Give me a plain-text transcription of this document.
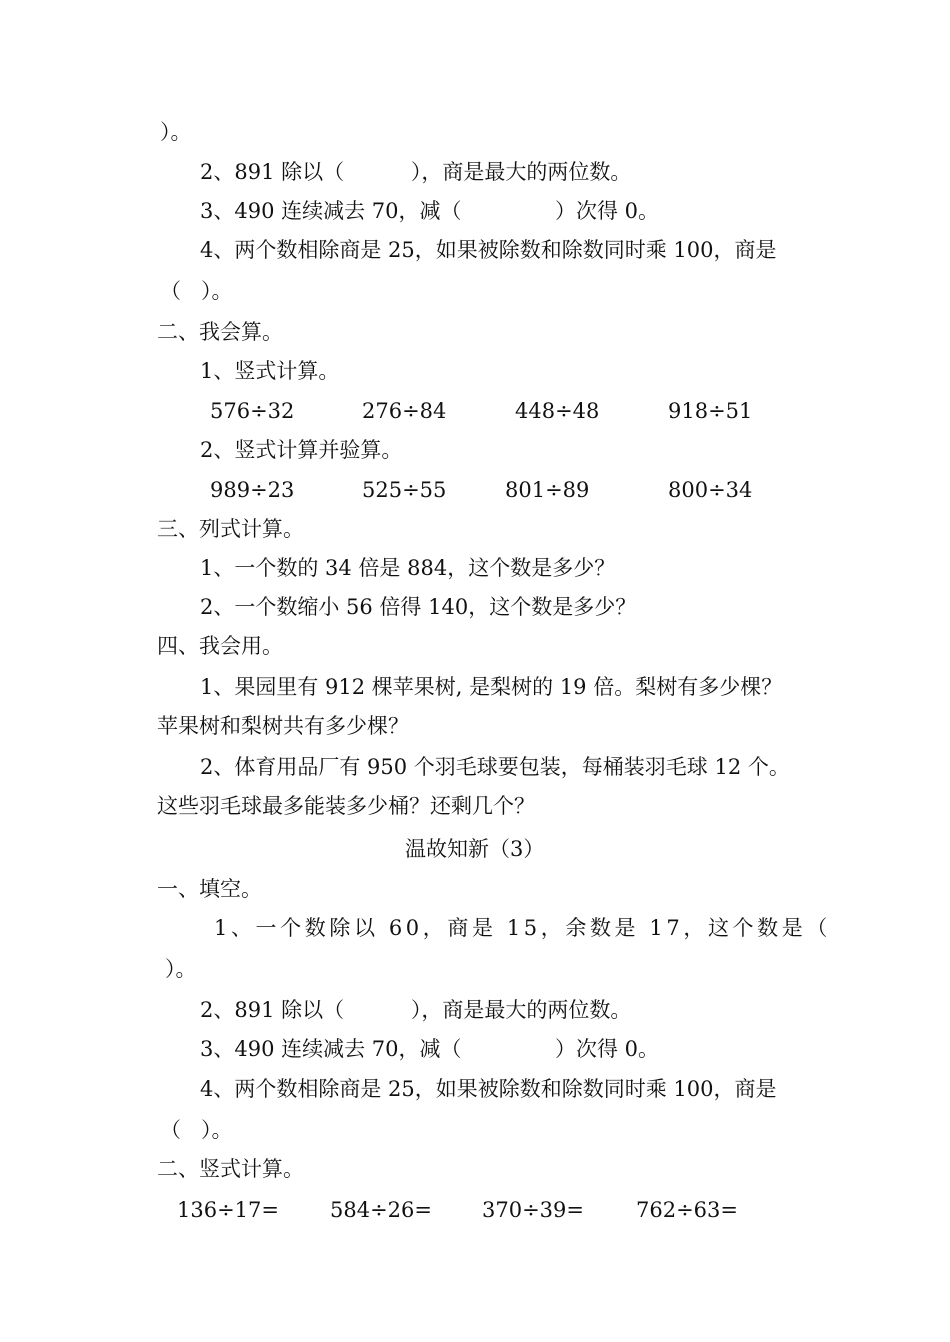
）。
2、891 除以（          ），商是最大的两位数。
3、490 连续减去 70，减（              ）次得 0。
4、两个数相除商是 25，如果被除数和除数同时乘 100，商是
（   ）。
二、我会算。
1、竖式计算。
576÷32	276÷84	448÷48	918÷51
2、竖式计算并验算。
989÷23	525÷55	801÷89	800÷34
三、列式计算。
1、一个数的 34 倍是 884，这个数是多少？
2、一个数缩小 56 倍得 140，这个数是多少？
四、我会用。
1、果园里有 912 棵苹果树, 是梨树的 19 倍。梨树有多少棵？
苹果树和梨树共有多少棵？
2、体育用品厂有 950 个羽毛球要包装，每桶装羽毛球 12 个。
这些羽毛球最多能装多少桶？还剩几个？
温故知新（3）
一、填空。
1、一个数除以 60，商是 15，余数是 17，这个数是（
）。
2、891 除以（          ），商是最大的两位数。
3、490 连续减去 70，减（              ）次得 0。
4、两个数相除商是 25，如果被除数和除数同时乘 100，商是
（   ）。
二、竖式计算。
136÷17= 584÷26= 370÷39= 762÷63=
